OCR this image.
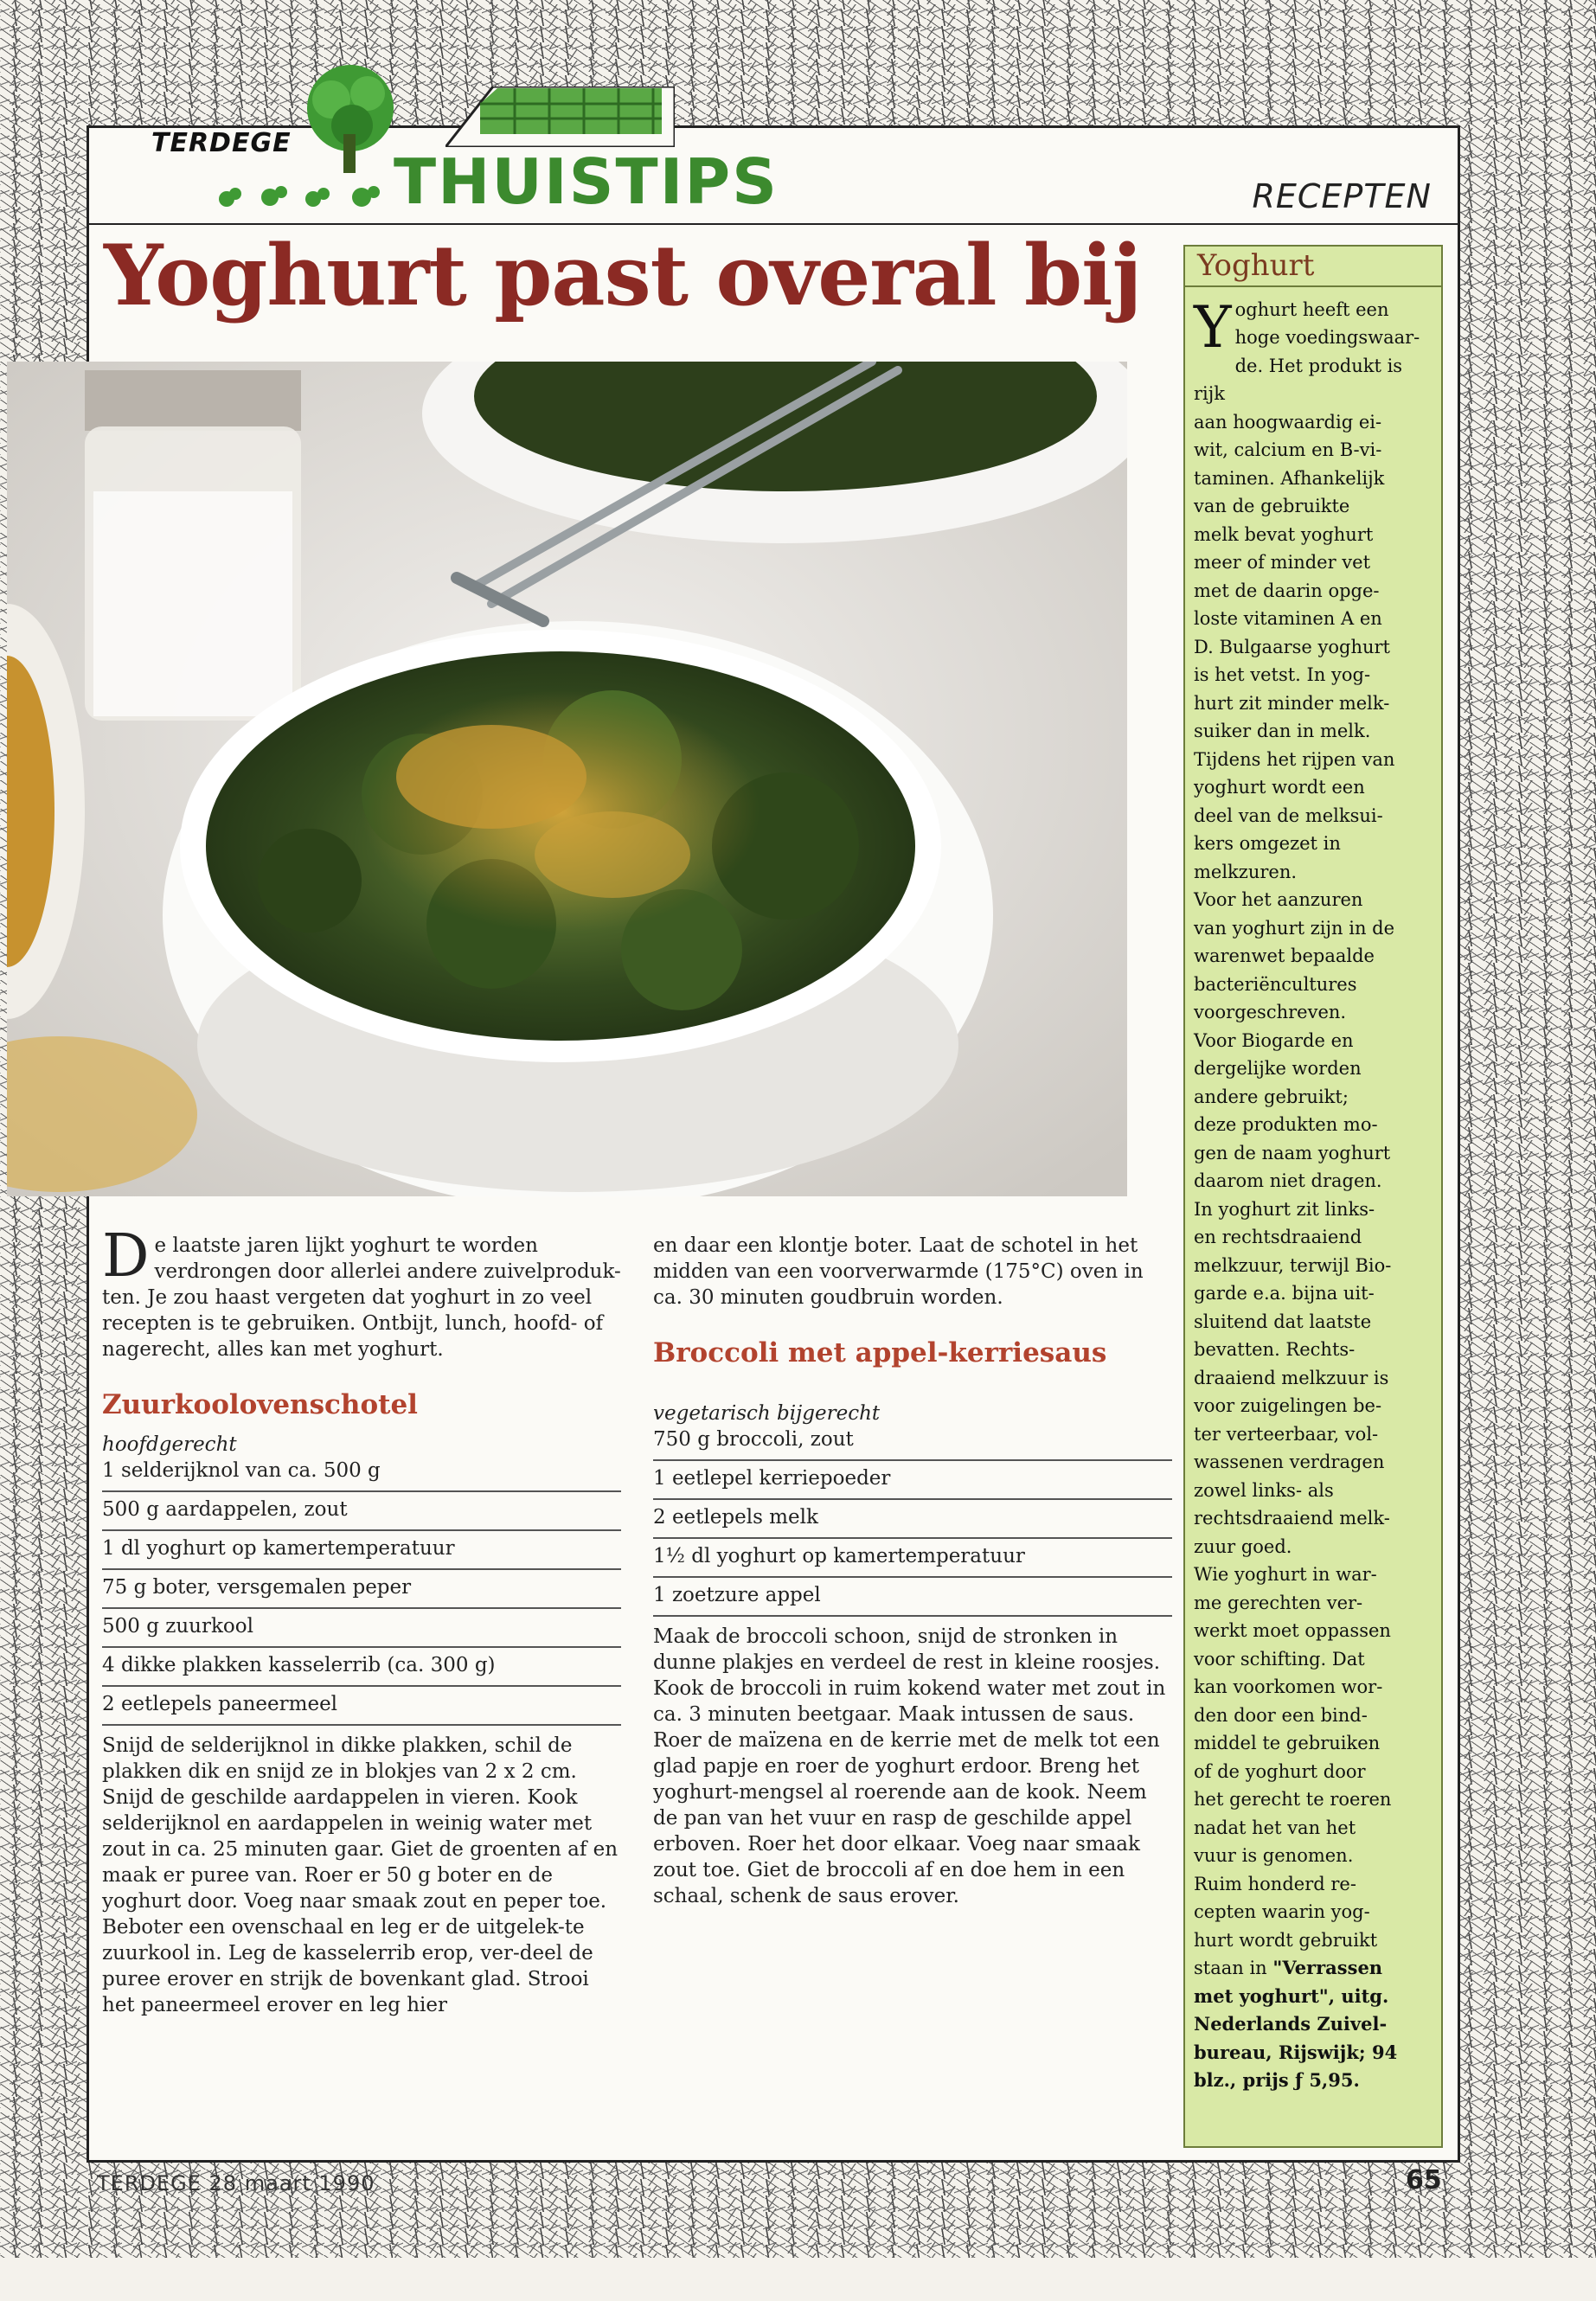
TERDEGE
THUISTIPS	RECEPTEN
Yoghurt past overal bij	Yoghurt
Yoghurt heeft een
hoge voedingswaar-
de. Het produkt is rijk
aan hoogwaardig ei-
wit, calcium en B-vi-
taminen. Afhankelijk
van de gebruikte
melk bevat yoghurt
meer of minder vet
met de daarin opge-
loste vitaminen A en
D. Bulgaarse yoghurt
is het vetst. In yog-
hurt zit minder melk-
suiker dan in melk.
Tijdens het rijpen van
yoghurt wordt een
deel van de melksui-
kers omgezet in
melkzuren.
Voor het aanzuren
van yoghurt zijn in de
warenwet bepaalde
bacteriëncultures
voorgeschreven.
Voor Biogarde en
dergelijke worden
andere gebruikt;
deze produkten mo-
gen de naam yoghurt
daarom niet dragen.
In yoghurt zit links-
en rechtsdraaiend
melkzuur, terwijl Bio-
garde e.a. bijna uit-
sluitend dat laatste
bevatten. Rechts-
draaiend melkzuur is
voor zuigelingen be-
ter verteerbaar, vol-
wassenen verdragen
zowel links- als
rechtsdraaiend melk-
zuur goed.
Wie yoghurt in war-
me gerechten ver-
werkt moet oppassen
voor schifting. Dat
kan voorkomen wor-
den door een bind-
middel te gebruiken
of de yoghurt door
het gerecht te roeren
nadat het van het
vuur is genomen.
Ruim honderd re-
cepten waarin yog-
hurt wordt gebruikt
staan in "Verrassen
met yoghurt", uitg.
Nederlands Zuivel-
bureau, Rijswijk; 94
blz., prijs ƒ 5,95.
De laatste jaren lijkt yoghurt te worden verdrongen door allerlei andere zuivelproduk-ten. Je zou haast vergeten dat yoghurt in zo veel recepten is te gebruiken. Ontbijt, lunch, hoofd- of nagerecht, alles kan met yoghurt.
Zuurkoolovenschotel
hoofdgerecht
1 selderijknol van ca. 500 g
500 g aardappelen, zout
1 dl yoghurt op kamertemperatuur
75 g boter, versgemalen peper
500 g zuurkool
4 dikke plakken kasselerrib (ca. 300 g)
2 eetlepels paneermeel
Snijd de selderijknol in dikke plakken, schil de plakken dik en snijd ze in blokjes van 2 x 2 cm. Snijd de geschilde aardappelen in vieren. Kook selderijknol en aardappelen in weinig water met zout in ca. 25 minuten gaar. Giet de groenten af en maak er puree van. Roer er 50 g boter en de yoghurt door. Voeg naar smaak zout en peper toe.
Beboter een ovenschaal en leg er de uitgelek-te zuurkool in. Leg de kasselerrib erop, ver-deel de puree erover en strijk de bovenkant glad. Strooi het paneermeel erover en leg hier
en daar een klontje boter. Laat de schotel in het midden van een voorverwarmde (175°C) oven in ca. 30 minuten goudbruin worden.
Broccoli met appel-kerriesaus
vegetarisch bijgerecht
750 g broccoli, zout
1 eetlepel kerriepoeder
2 eetlepels melk
1½ dl yoghurt op kamertemperatuur
1 zoetzure appel
Maak de broccoli schoon, snijd de stronken in dunne plakjes en verdeel de rest in kleine roosjes. Kook de broccoli in ruim kokend water met zout in ca. 3 minuten beetgaar. Maak intussen de saus. Roer de maïzena en de kerrie met de melk tot een glad papje en roer de yoghurt erdoor. Breng het yoghurt-mengsel al roerende aan de kook. Neem de pan van het vuur en rasp de geschilde appel erboven. Roer het door elkaar. Voeg naar smaak zout toe. Giet de broccoli af en doe hem in een schaal, schenk de saus erover.
TERDEGE 28 maart 1990	65
